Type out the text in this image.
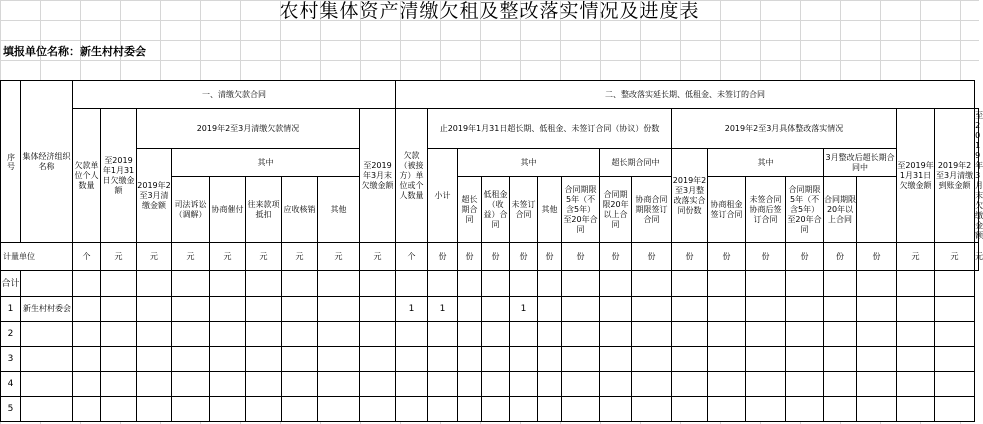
农村集体资产清缴欠租及整改落实情况及进度表
填报单位名称：新生村村委会
序号	集体经济组织名称	一、清缴欠款合同									二、整改落实延长期、低租金、未签订的合同																	
		欠款单位个人数量	至2019年1月31日欠缴金额	2019年2至3月清缴欠款情况						至2019年3月末欠缴金额	欠款（被接方）单位或个人数量	止2019年1月31日超长期、低租金、未签订合同（协议）份数								2019年2至3月具体整改落实情况						至2019年1月31日欠缴金额	2019年2至3月清缴到账金额	至2019年3月末欠缴金额

				2019年2至3月清缴金额	其中							小计	其中					超长期合同中		2019年2至3月整改落实合同份数	其中			3月整改后超长期合同中				
					司法诉讼（调解）	协商催付	往来款项抵扣	应收核销	其他				超长期合同	低租金（收益）合同	未签订合同	其他	合同期限5年（不含5年）至20年合同	合同期限20年以上合同	协商合同期限签订合同		协商租金签订合同	未签合同协商后签订合同	合同期限5年（不含5年）至20年合同	合同期限20年以上合同				
计量单位		个	元	元	元	元	元	元	元	元	个	份	份	份	份	份	份	份	份	份	份	份	份	份	份	元	元	元
合计																												
1	新生村村委会										1	1			1													
2																												
3																												
4																												
5																												
